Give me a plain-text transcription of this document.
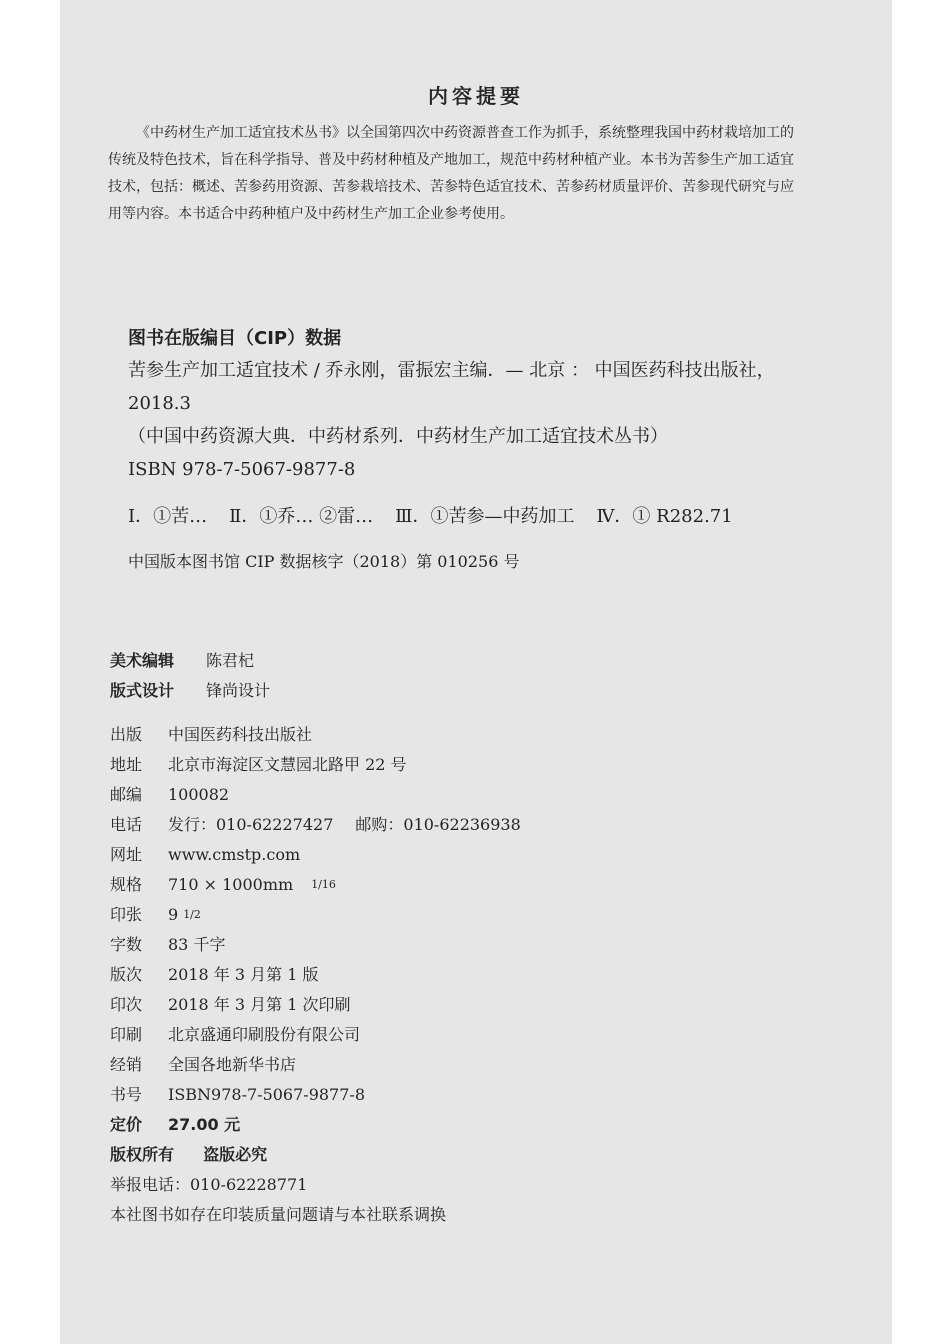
内容提要

《中药材生产加工适宜技术丛书》以全国第四次中药资源普查工作为抓手，系统整理我国中药材栽培加工的传统及特色技术，旨在科学指导、普及中药材种植及产地加工，规范中药材种植产业。本书为苦参生产加工适宜技术，包括：概述、苦参药用资源、苦参栽培技术、苦参特色适宜技术、苦参药材质量评价、苦参现代研究与应用等内容。本书适合中药种植户及中药材生产加工企业参考使用。

图书在版编目（CIP）数据
苦参生产加工适宜技术 / 乔永刚，雷振宏主编．— 北京 ： 中国医药科技出版社，2018.3
（中国中药资源大典．中药材系列．中药材生产加工适宜技术丛书）
ISBN 978-7-5067-9877-8
Ⅰ．①苦… Ⅱ．①乔… ②雷… Ⅲ．①苦参—中药加工 Ⅳ．① R282.71
中国版本图书馆 CIP 数据核字（2018）第 010256 号
美术编辑	陈君杞
版式设计	锋尚设计
出版	中国医药科技出版社
地址	北京市海淀区文慧园北路甲 22 号
邮编	100082
电话	发行：010-62227427 邮购：010-62236938
网址	www.cmstp.com
规格	710 × 1000mm 1/16
印张	9 1/2
字数	83 千字
版次	2018 年 3 月第 1 版
印次	2018 年 3 月第 1 次印刷
印刷	北京盛通印刷股份有限公司
经销	全国各地新华书店
书号	ISBN978-7-5067-9877-8
定价	27.00 元
版权所有 盗版必究
举报电话：010-62228771
本社图书如存在印装质量问题请与本社联系调换
